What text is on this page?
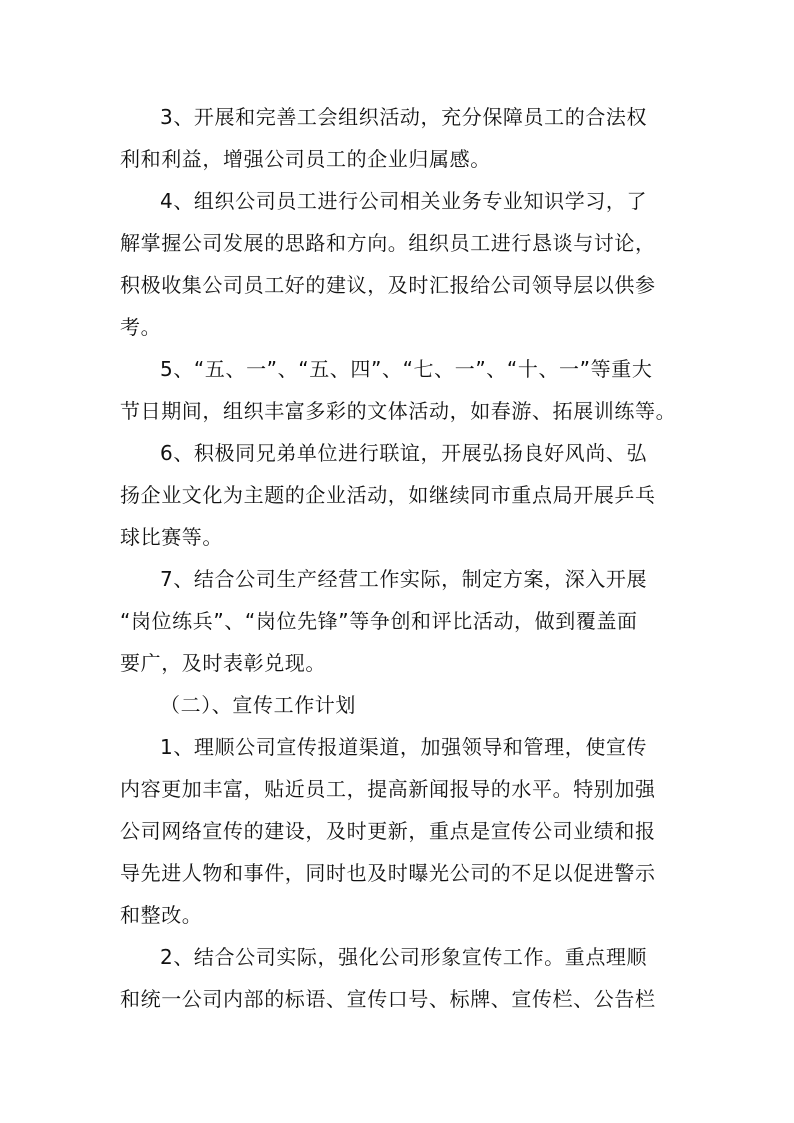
3、开展和完善工会组织活动，充分保障员工的合法权
利和利益，增强公司员工的企业归属感。
4、组织公司员工进行公司相关业务专业知识学习，了
解掌握公司发展的思路和方向。组织员工进行恳谈与讨论，
积极收集公司员工好的建议，及时汇报给公司领导层以供参
考。
5、“五、一”、“五、四”、“七、一”、“十、一”等重大
节日期间，组织丰富多彩的文体活动，如春游、拓展训练等。
6、积极同兄弟单位进行联谊，开展弘扬良好风尚、弘
扬企业文化为主题的企业活动，如继续同市重点局开展乒乓
球比赛等。
7、结合公司生产经营工作实际，制定方案，深入开展
“岗位练兵”、“岗位先锋”等争创和评比活动，做到覆盖面
要广，及时表彰兑现。
（二）、宣传工作计划
1、理顺公司宣传报道渠道，加强领导和管理，使宣传
内容更加丰富，贴近员工，提高新闻报导的水平。特别加强
公司网络宣传的建设，及时更新，重点是宣传公司业绩和报
导先进人物和事件，同时也及时曝光公司的不足以促进警示
和整改。
2、结合公司实际，强化公司形象宣传工作。重点理顺
和统一公司内部的标语、宣传口号、标牌、宣传栏、公告栏
